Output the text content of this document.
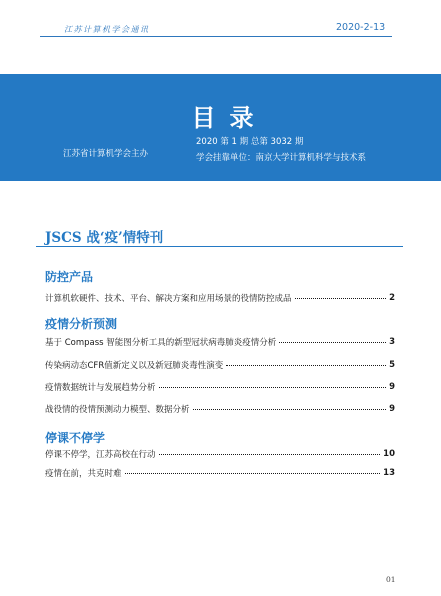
江苏计算机学会通讯	2020-2-13
目录
江苏省计算机学会主办
2020 第 1 期 总第 3032 期
学会挂靠单位：南京大学计算机科学与技术系
JSCS 战‘疫’情特刊
防控产品
计算机软硬件、技术、平台、解决方案和应用场景的役情防控成品	2
疫情分析预测
基于 Compass 智能图分析工具的新型冠状病毒肺炎疫情分析	3
传染病动态CFR值新定义以及新冠肺炎毒性演变	5
疫情数据统计与发展趋势分析	9
战役情的役情预测动力模型、数据分析	9
停课不停学
停课不停学，江苏高校在行动	10
疫情在前，共克时难	13
01
